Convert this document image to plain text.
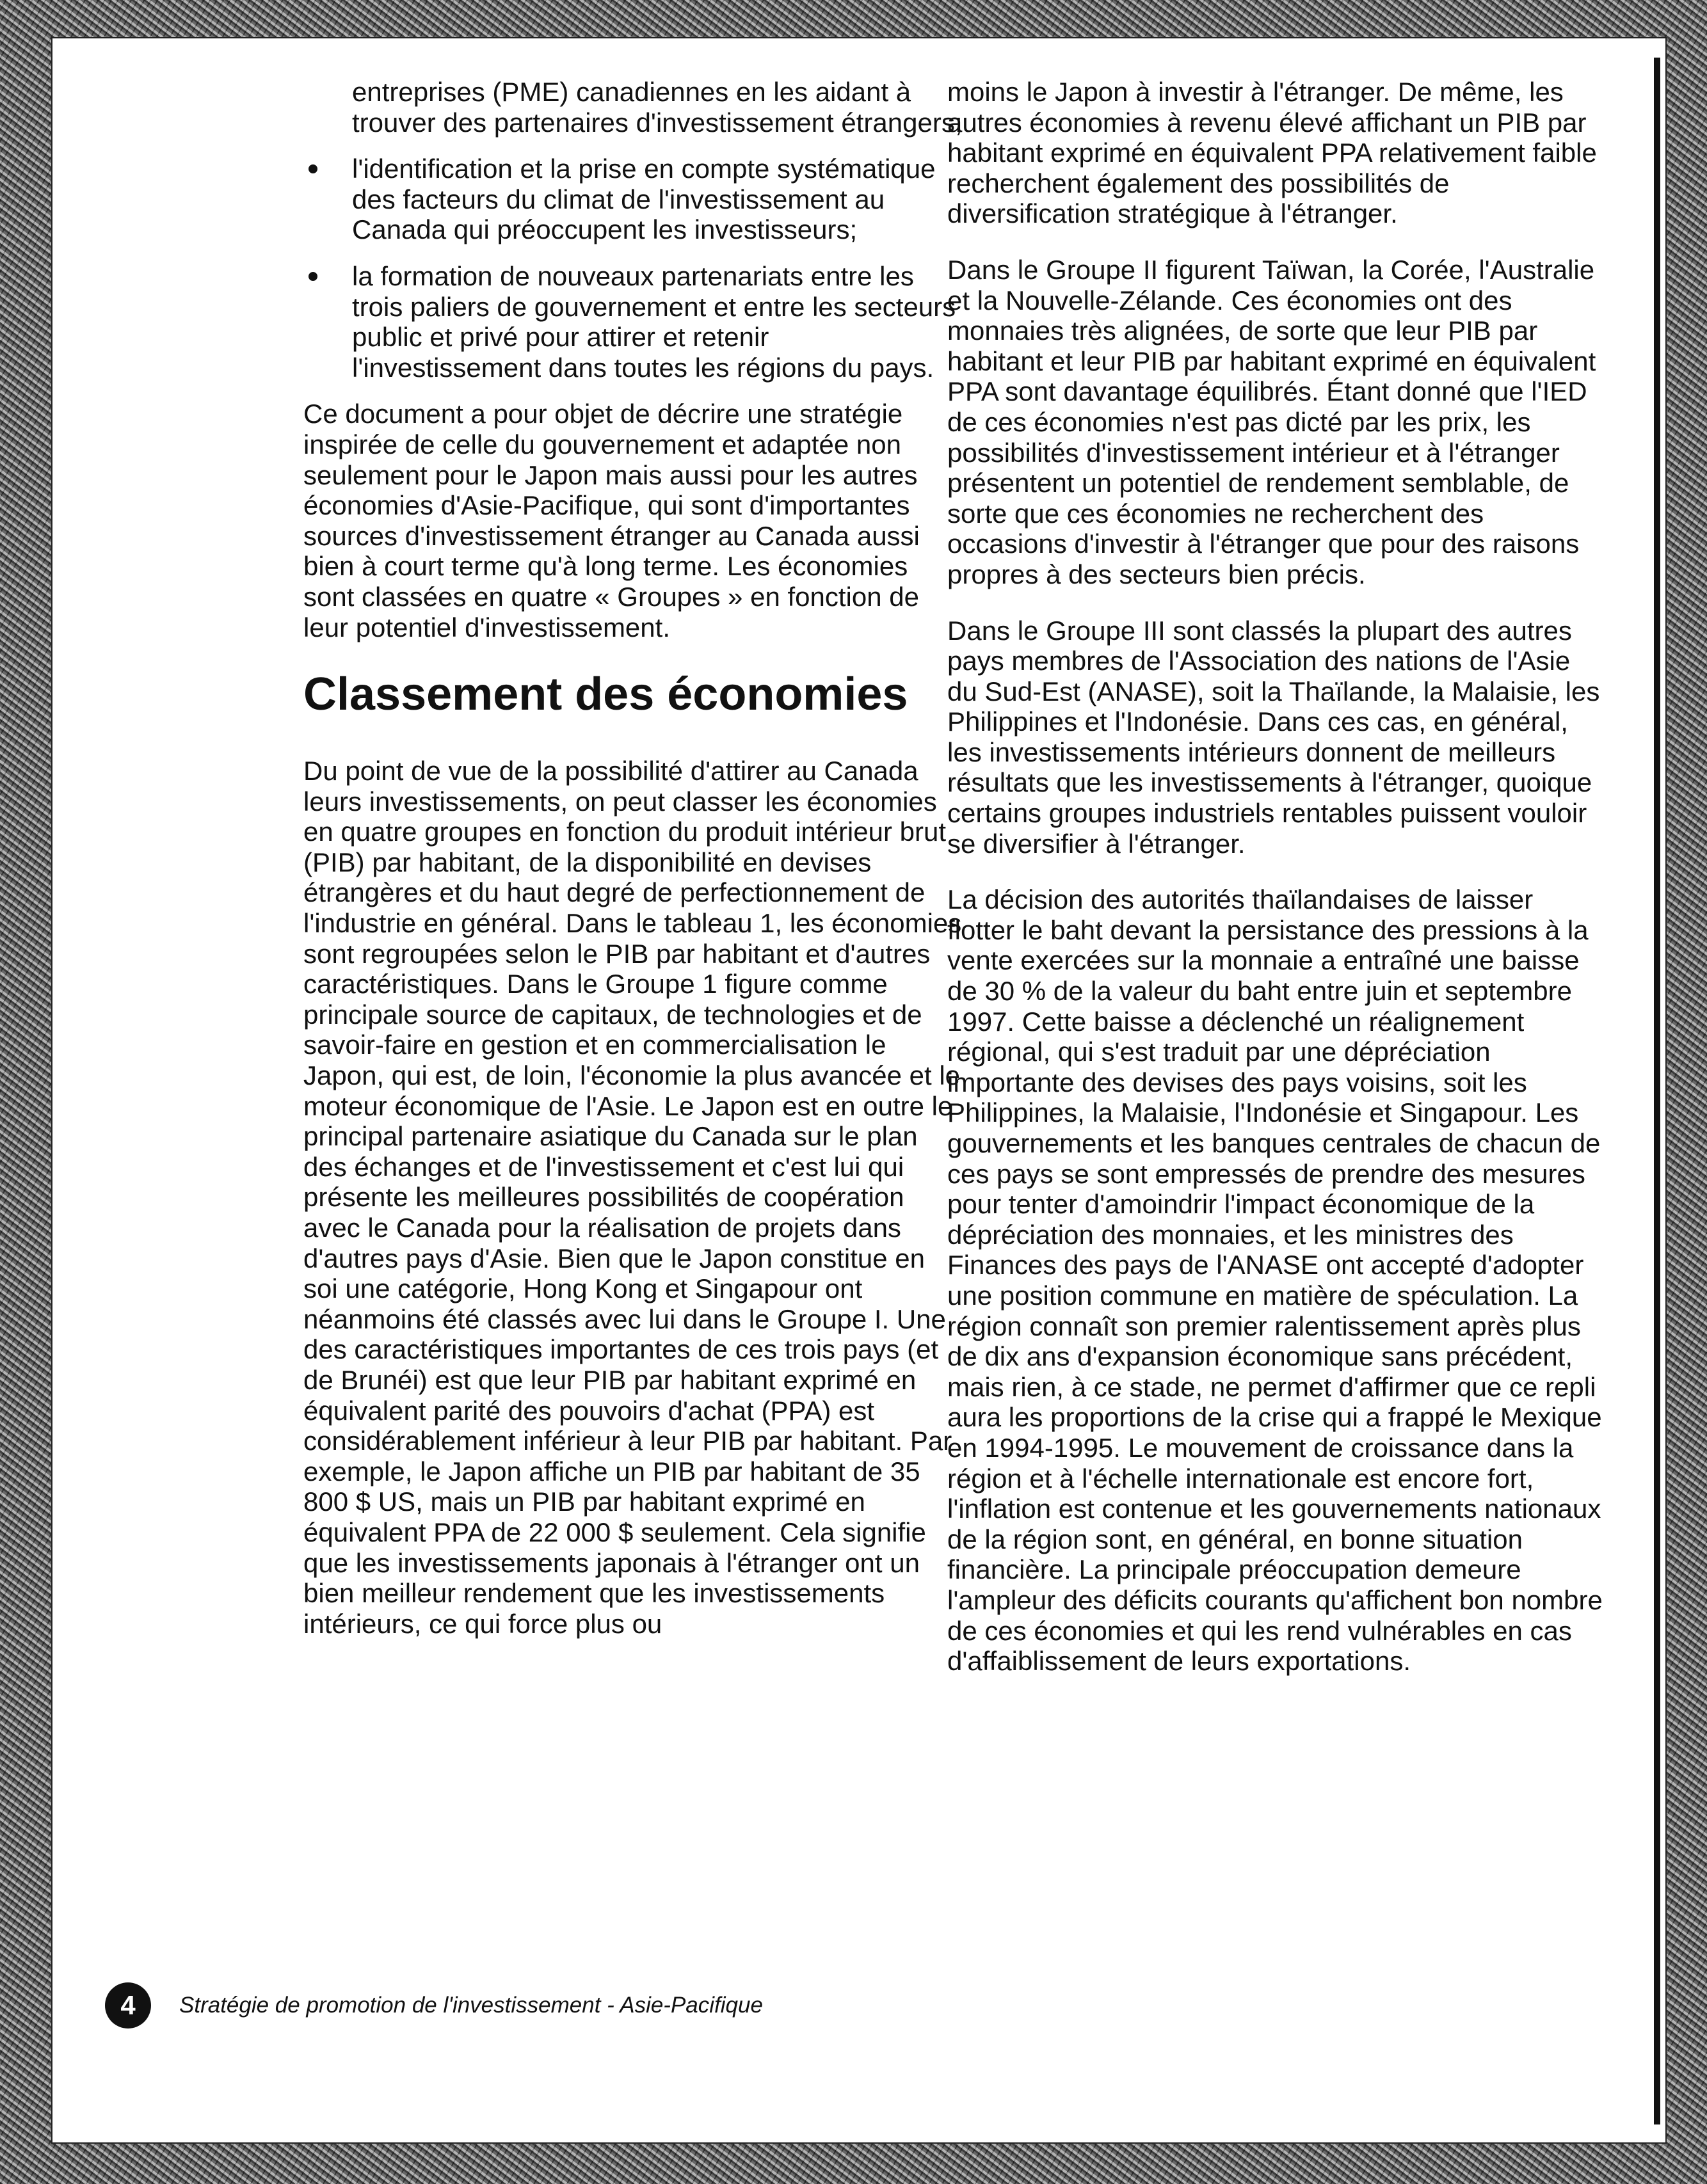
entreprises (PME) canadiennes en les aidant à trouver des partenaires d'investissement étrangers;

l'identification et la prise en compte systématique des facteurs du climat de l'investissement au Canada qui préoccupent les investisseurs;
la formation de nouveaux partenariats entre les trois paliers de gouvernement et entre les secteurs public et privé pour attirer et retenir l'investissement dans toutes les régions du pays.

Ce document a pour objet de décrire une stratégie inspirée de celle du gouvernement et adaptée non seulement pour le Japon mais aussi pour les autres économies d'Asie-Pacifique, qui sont d'importantes sources d'investissement étranger au Canada aussi bien à court terme qu'à long terme. Les économies sont classées en quatre « Groupes » en fonction de leur potentiel d'investissement.

Classement des économies

Du point de vue de la possibilité d'attirer au Canada leurs investissements, on peut classer les économies en quatre groupes en fonction du produit intérieur brut (PIB) par habitant, de la disponibilité en devises étrangères et du haut degré de perfectionnement de l'industrie en général. Dans le tableau 1, les économies sont regroupées selon le PIB par habitant et d'autres caractéristiques. Dans le Groupe 1 figure comme principale source de capitaux, de technologies et de savoir-faire en gestion et en commercialisation le Japon, qui est, de loin, l'économie la plus avancée et le moteur économique de l'Asie. Le Japon est en outre le principal partenaire asiatique du Canada sur le plan des échanges et de l'investissement et c'est lui qui présente les meilleures possibilités de coopération avec le Canada pour la réalisation de projets dans d'autres pays d'Asie. Bien que le Japon constitue en soi une catégorie, Hong Kong et Singapour ont néanmoins été classés avec lui dans le Groupe I. Une des caractéristiques importantes de ces trois pays (et de Brunéi) est que leur PIB par habitant exprimé en équivalent parité des pouvoirs d'achat (PPA) est considérablement inférieur à leur PIB par habitant. Par exemple, le Japon affiche un PIB par habitant de 35 800 $ US, mais un PIB par habitant exprimé en équivalent PPA de 22 000 $ seulement. Cela signifie que les investissements japonais à l'étranger ont un bien meilleur rendement que les investissements intérieurs, ce qui force plus ou

moins le Japon à investir à l'étranger. De même, les autres économies à revenu élevé affichant un PIB par habitant exprimé en équivalent PPA relativement faible recherchent également des possibilités de diversification stratégique à l'étranger.

Dans le Groupe II figurent Taïwan, la Corée, l'Australie et la Nouvelle-Zélande. Ces économies ont des monnaies très alignées, de sorte que leur PIB par habitant et leur PIB par habitant exprimé en équivalent PPA sont davantage équilibrés. Étant donné que l'IED de ces économies n'est pas dicté par les prix, les possibilités d'investissement intérieur et à l'étranger présentent un potentiel de rendement semblable, de sorte que ces économies ne recherchent des occasions d'investir à l'étranger que pour des raisons propres à des secteurs bien précis.

Dans le Groupe III sont classés la plupart des autres pays membres de l'Association des nations de l'Asie du Sud-Est (ANASE), soit la Thaïlande, la Malaisie, les Philippines et l'Indonésie. Dans ces cas, en général, les investissements intérieurs donnent de meilleurs résultats que les investissements à l'étranger, quoique certains groupes industriels rentables puissent vouloir se diversifier à l'étranger.

La décision des autorités thaïlandaises de laisser flotter le baht devant la persistance des pressions à la vente exercées sur la monnaie a entraîné une baisse de 30 % de la valeur du baht entre juin et septembre 1997. Cette baisse a déclenché un réalignement régional, qui s'est traduit par une dépréciation importante des devises des pays voisins, soit les Philippines, la Malaisie, l'Indonésie et Singapour. Les gouvernements et les banques centrales de chacun de ces pays se sont empressés de prendre des mesures pour tenter d'amoindrir l'impact économique de la dépréciation des monnaies, et les ministres des Finances des pays de l'ANASE ont accepté d'adopter une position commune en matière de spéculation. La région connaît son premier ralentissement après plus de dix ans d'expansion économique sans précédent, mais rien, à ce stade, ne permet d'affirmer que ce repli aura les proportions de la crise qui a frappé le Mexique en 1994-1995. Le mouvement de croissance dans la région et à l'échelle internationale est encore fort, l'inflation est contenue et les gouvernements nationaux de la région sont, en général, en bonne situation financière. La principale préoccupation demeure l'ampleur des déficits courants qu'affichent bon nombre de ces économies et qui les rend vulnérables en cas d'affaiblissement de leurs exportations.

4	Stratégie de promotion de l'investissement - Asie-Pacifique
